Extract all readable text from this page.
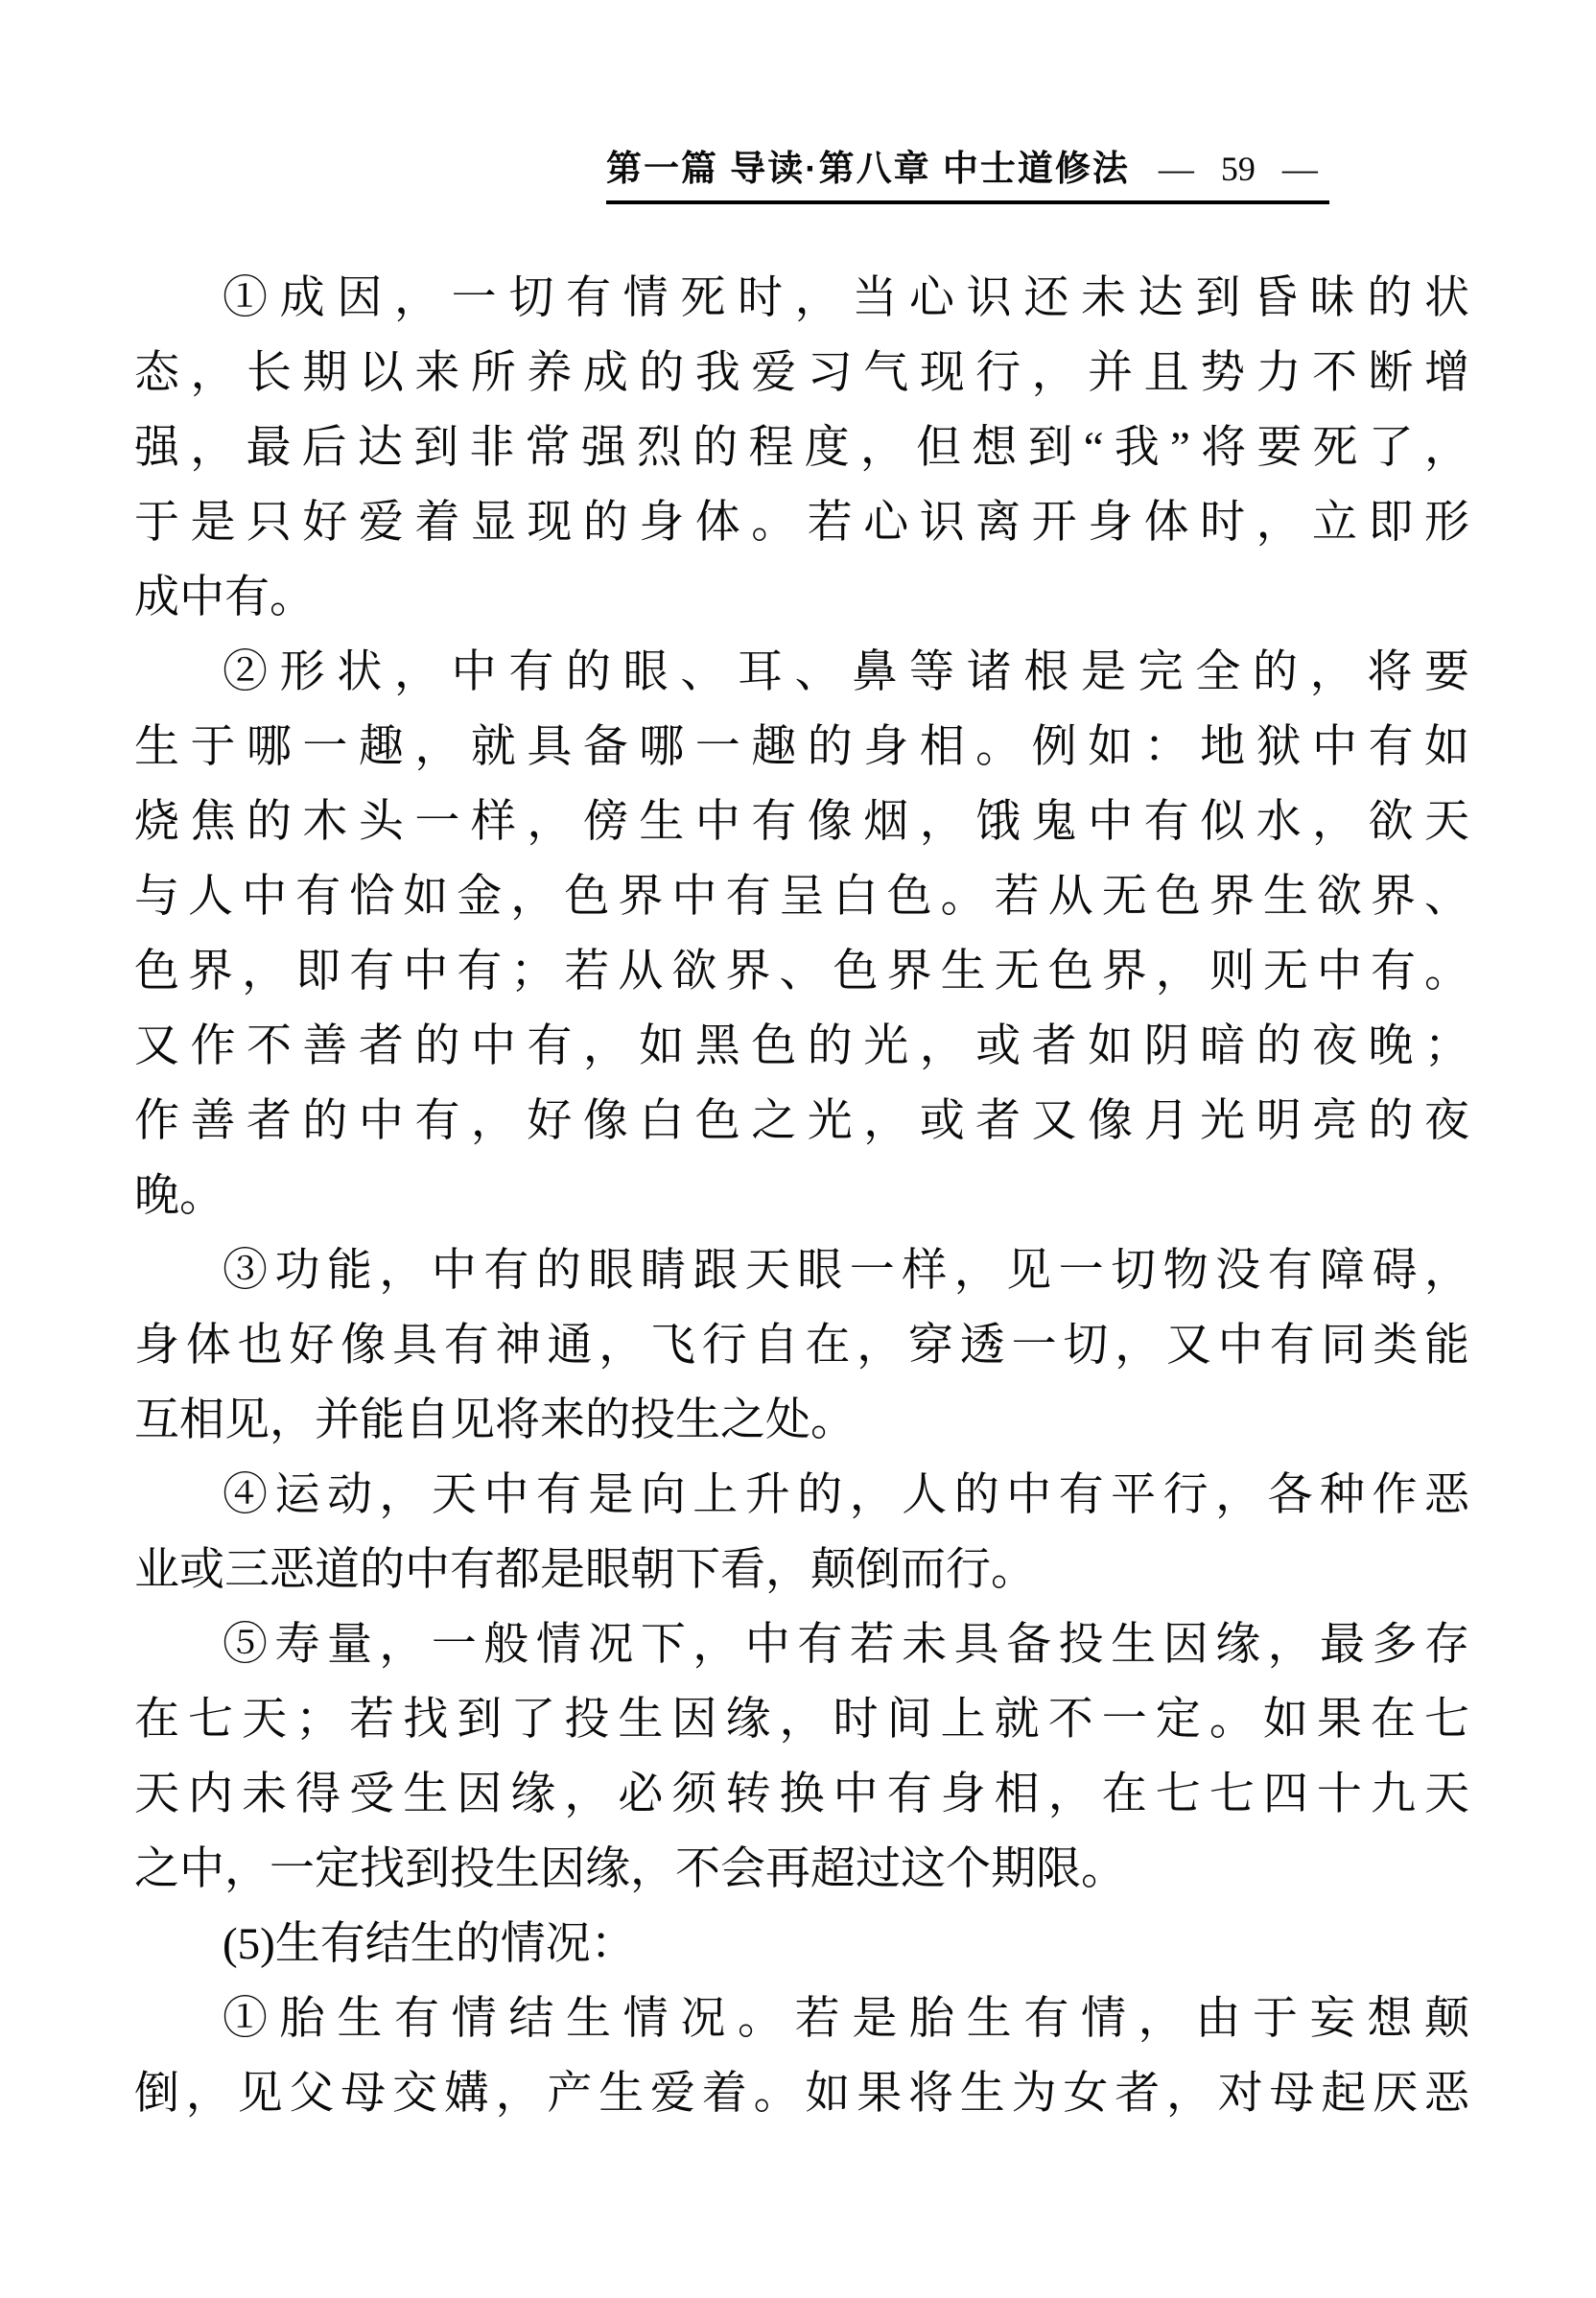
第一篇 导读·第八章 中士道修法 — 59 —
①成因，一切有情死时，当心识还未达到昏昧的状
态，长期以来所养成的我爱习气现行，并且势力不断增
强，最后达到非常强烈的程度，但想到“我”将要死了，
于是只好爱着显现的身体。若心识离开身体时，立即形
成中有。
②形状，中有的眼、耳、鼻等诸根是完全的，将要
生于哪一趣，就具备哪一趣的身相。例如：地狱中有如
烧焦的木头一样，傍生中有像烟，饿鬼中有似水，欲天
与人中有恰如金，色界中有呈白色。若从无色界生欲界、
色界，即有中有；若从欲界、色界生无色界，则无中有。
又作不善者的中有，如黑色的光，或者如阴暗的夜晚；
作善者的中有，好像白色之光，或者又像月光明亮的夜
晚。
③功能，中有的眼睛跟天眼一样，见一切物没有障碍，
身体也好像具有神通，飞行自在，穿透一切，又中有同类能
互相见，并能自见将来的投生之处。
④运动，天中有是向上升的，人的中有平行，各种作恶
业或三恶道的中有都是眼朝下看，颠倒而行。
⑤寿量，一般情况下，中有若未具备投生因缘，最多存
在七天；若找到了投生因缘，时间上就不一定。如果在七
天内未得受生因缘，必须转换中有身相，在七七四十九天
之中，一定找到投生因缘，不会再超过这个期限。
(5)生有结生的情况：
①胎生有情结生情况。若是胎生有情，由于妄想颠
倒，见父母交媾，产生爱着。如果将生为女者，对母起厌恶
